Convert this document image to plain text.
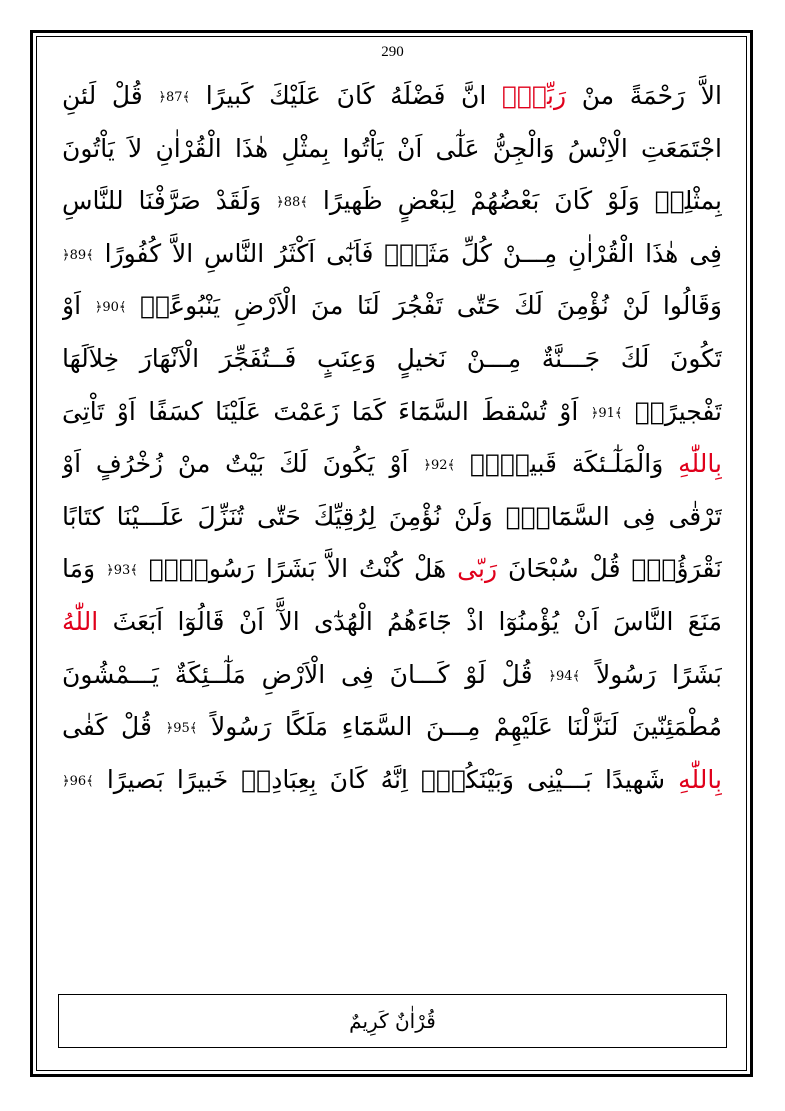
290
الاَّ رَحْمَةً منْ رَبِّكَۜ انَّ فَضْلَهُ كَانَ عَلَيْكَ كَبيرًا ﴿87﴾ قُلْ لَئنِ
اجْتَمَعَتِ الْاِنْسُ وَالْجِنُّ عَلٰٓى اَنْ يَاْتُوا بِمثْلِ هٰذَا الْقُرْاٰنِ لاَ يَاْتُونَ
بِمثْلِهٖ وَلَوْ كَانَ بَعْضُهُمْ لِبَعْضٍ ظَهيرًا ﴿88﴾ وَلَقَدْ صَرَّفْنَا للنَّاسِ
فِى هٰذَا الْقُرْاٰنِ مِـــنْ كُلِّ مَثَلٍۘ فَاَبٰٓى اَكْثَرُ النَّاسِ الاَّ كُفُورًا ﴿89﴾
وَقَالُوا لَنْ نُؤْمِنَ لَكَ حَتّٰى تَفْجُرَ لَنَا منَ الْاَرْضِ يَنْبُوعًاۙ ﴿90﴾ اَوْ
تَكُونَ لَكَ جَـــنَّةٌ مِـــنْ نَخيلٍ وَعِنَبٍ فَــتُفَجِّرَ الْاَنْهَارَ خِلاَلَهَا
تَفْجيرًاۙ ﴿91﴾ اَوْ تُسْقطَ السَّمَٓاءَ كَمَا زَعَمْتَ عَلَيْنَا كسَفًا اَوْ تَاْتِىَ
بِاللّٰهِ وَالْمَلٰٓـئكَة قَبيلاًۙ ﴿92﴾ اَوْ يَكُونَ لَكَ بَيْتٌ منْ زُخْرُفٍ اَوْ
تَرْقٰى فِى السَّمَٓاءِۜ وَلَنْ نُؤْمِنَ لِرُقِيِّكَ حَتّٰى تُنَزِّلَ عَلَـــيْنَا كتَابًا
نَقْرَؤُهُۜ قُلْ سُبْحَانَ رَبّى هَلْ كُنْتُ الاَّ بَشَرًا رَسُولاً۟ ﴿93﴾ وَمَا
مَنَعَ النَّاسَ اَنْ يُؤْمنُوٓا اذْ جَٓاءَهُمُ الْهُدٰٓى الآَّ اَنْ قَالُوٓا اَبَعَثَ اللّٰهُ
بَشَرًا رَسُولاً ﴿94﴾ قُلْ لَوْ كَـــانَ فِى الْاَرْضِ مَلٰٓــئِكَةٌ يَـــمْشُونَ
مُطْمَئِنّينَ لَنَزَّلْنَا عَلَيْهِمْ مِـــنَ السَّمَٓاءِ مَلَكًا رَسُولاً ﴿95﴾ قُلْ كَفٰى
بِاللّٰهِ شَهيدًا بَـــيْنِى وَبَيْنَكُمْۜ اِنَّهُ كَانَ بِعِبَادِهٖ خَبيرًا بَصيرًا ﴿96﴾
قُرْاٰنٌ كَرِيمٌ
